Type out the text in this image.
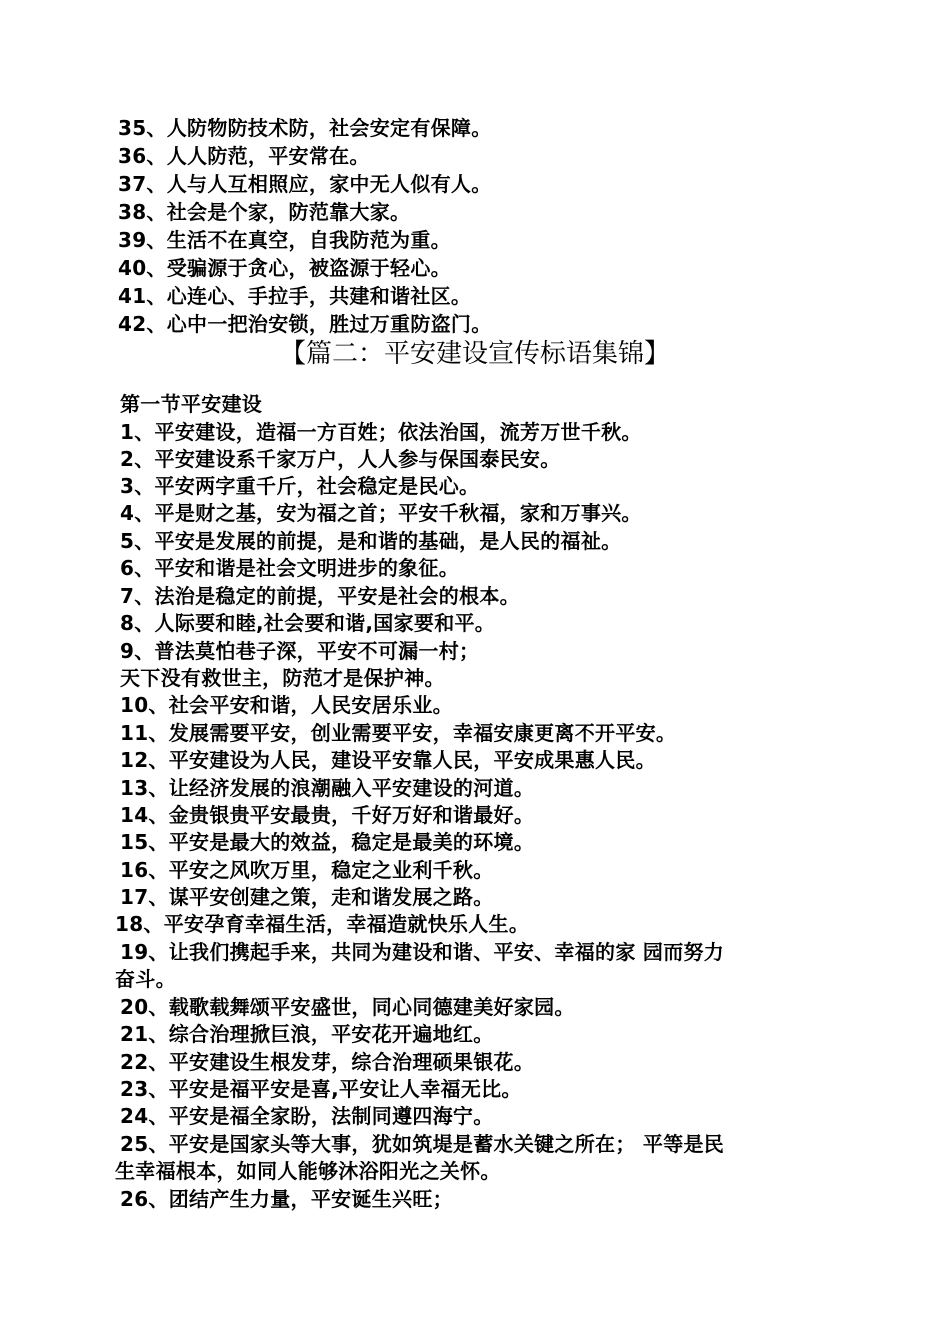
35、人防物防技术防，社会安定有保障。
36、人人防范，平安常在。
37、人与人互相照应，家中无人似有人。
38、社会是个家，防范靠大家。
39、生活不在真空，自我防范为重。
40、受骗源于贪心，被盗源于轻心。
41、心连心、手拉手，共建和谐社区。
42、心中一把治安锁，胜过万重防盗门。
【篇二：平安建设宣传标语集锦】
第一节平安建设
1、平安建设，造福一方百姓；依法治国，流芳万世千秋。
2、平安建设系千家万户，人人参与保国泰民安。
3、平安两字重千斤，社会稳定是民心。
4、平是财之基，安为福之首；平安千秋福，家和万事兴。
5、平安是发展的前提，是和谐的基础，是人民的福祉。
6、平安和谐是社会文明进步的象征。
7、法治是稳定的前提，平安是社会的根本。
8、人际要和睦,社会要和谐,国家要和平。
9、普法莫怕巷子深，平安不可漏一村；
天下没有救世主，防范才是保护神。
10、社会平安和谐，人民安居乐业。
11、发展需要平安，创业需要平安，幸福安康更离不开平安。
12、平安建设为人民，建设平安靠人民，平安成果惠人民。
13、让经济发展的浪潮融入平安建设的河道。
14、金贵银贵平安最贵，千好万好和谐最好。
15、平安是最大的效益，稳定是最美的环境。
16、平安之风吹万里，稳定之业利千秋。
17、谋平安创建之策，走和谐发展之路。
18、平安孕育幸福生活，幸福造就快乐人生。
19、让我们携起手来，共同为建设和谐、平安、幸福的家 园而努力
奋斗。
20、载歌载舞颂平安盛世，同心同德建美好家园。
21、综合治理掀巨浪，平安花开遍地红。
22、平安建设生根发芽，综合治理硕果银花。
23、平安是福平安是喜,平安让人幸福无比。
24、平安是福全家盼，法制同遵四海宁。
25、平安是国家头等大事，犹如筑堤是蓄水关键之所在； 平等是民
生幸福根本，如同人能够沐浴阳光之关怀。
26、团结产生力量，平安诞生兴旺；
